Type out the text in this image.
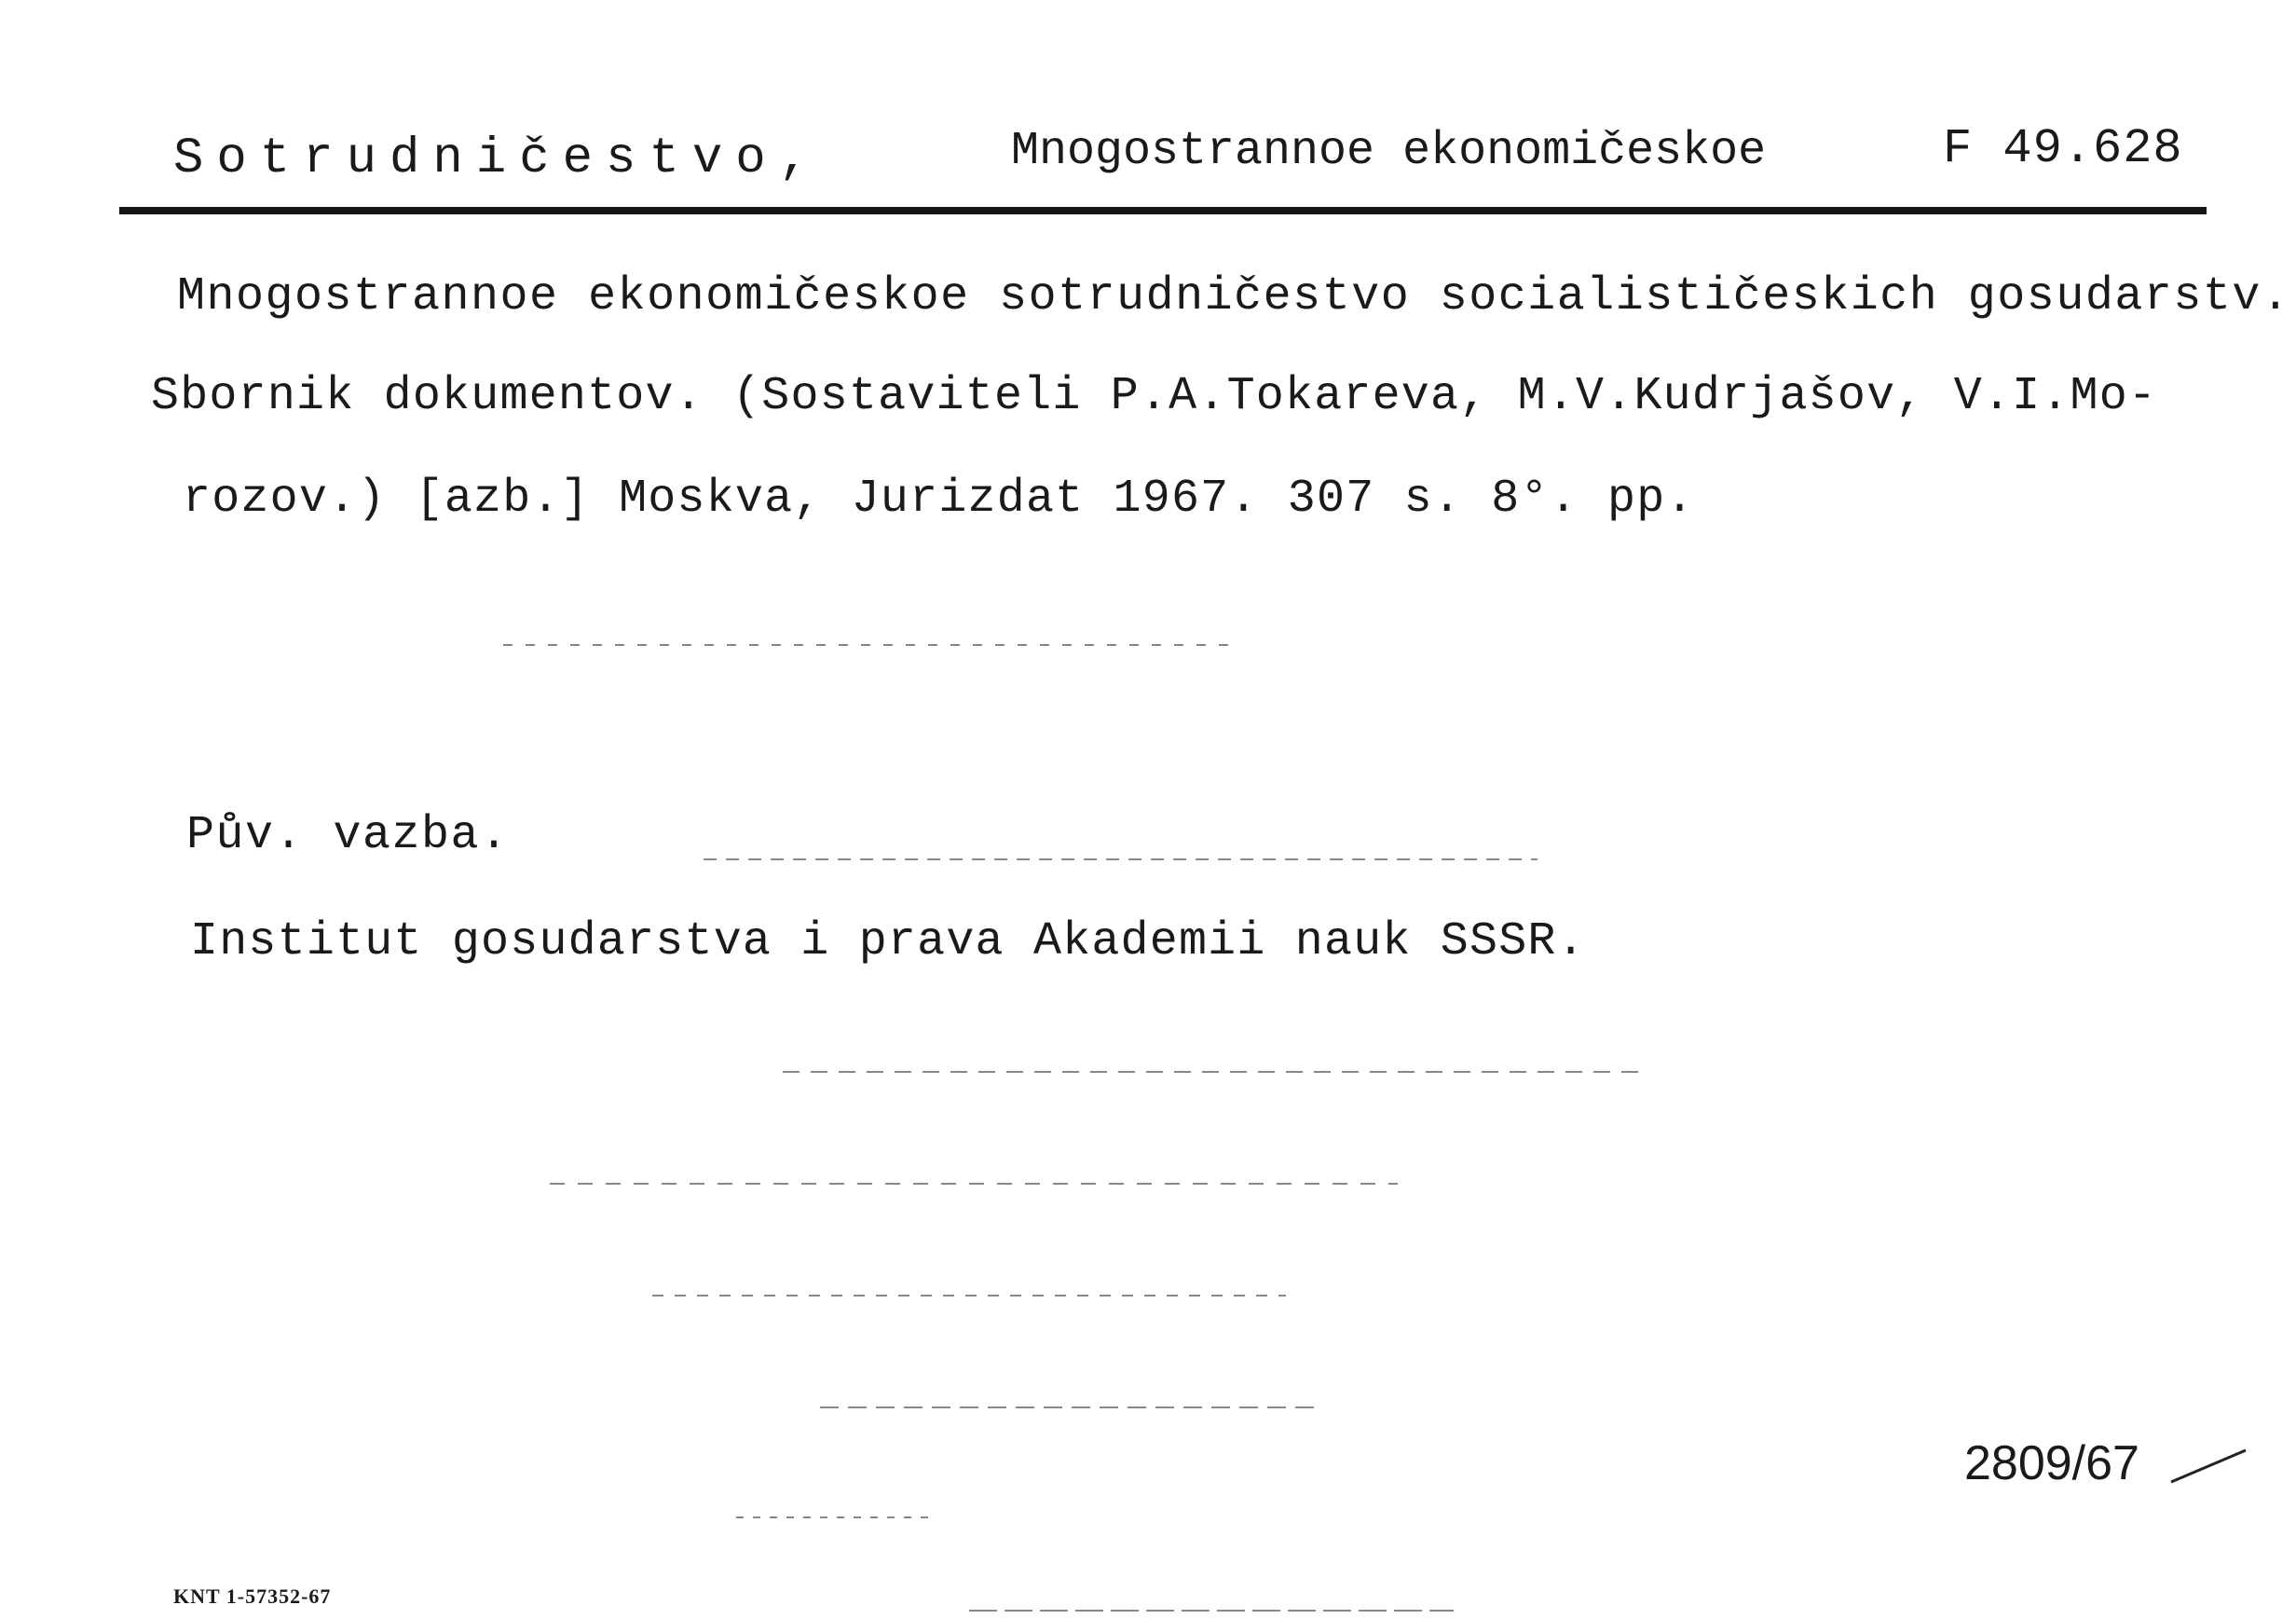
Sotrudničestvo,	Mnogostrannoe ekonomičeskoe	F 49.628
Mnogostrannoe ekonomičeskoe sotrudničestvo socialističeskich gosudarstv.
Sbornik dokumentov. (Sostaviteli P.A.Tokareva, M.V.Kudrjašov, V.I.Mo-
rozov.) [azb.] Moskva, Jurizdat 1967. 307 s. 8°. pp.
Pův. vazba.
Institut gosudarstva i prava Akademii nauk SSSR.
2809/67
KNT 1-57352-67
